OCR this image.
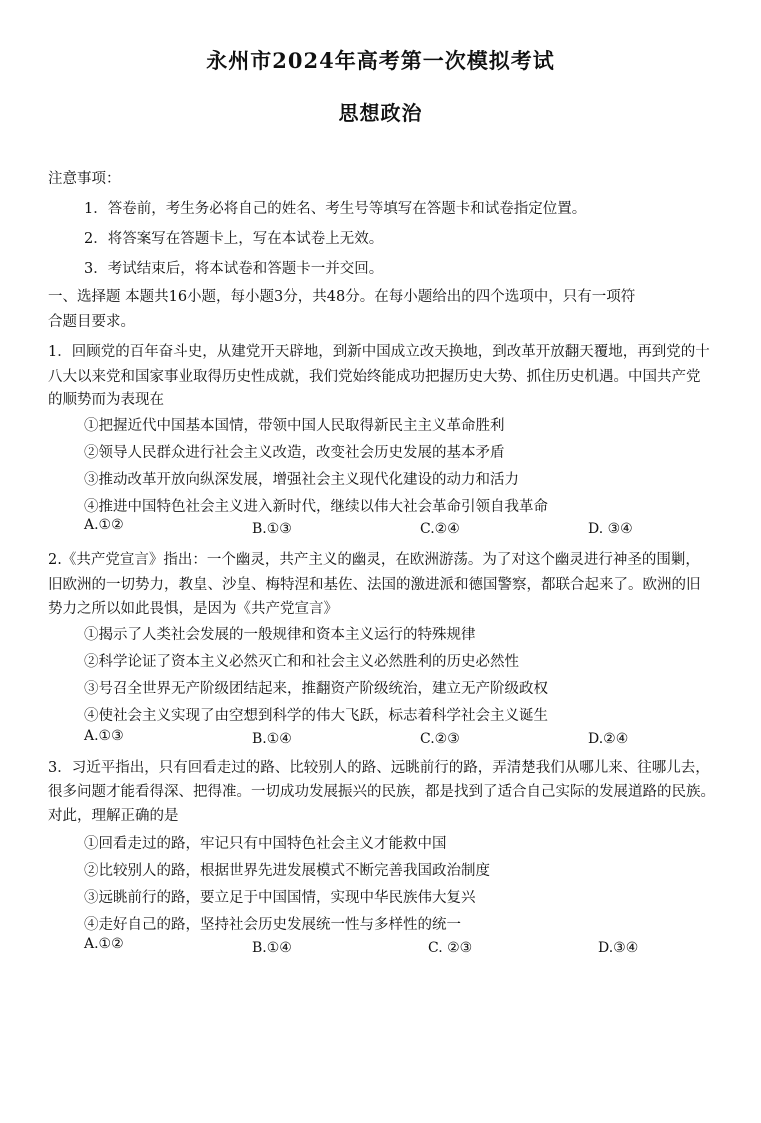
永州市2024年高考第一次模拟考试
思想政治
注意事项：
1．答卷前，考生务必将自己的姓名、考生号等填写在答题卡和试卷指定位置。
2．将答案写在答题卡上，写在本试卷上无效。
3．考试结束后，将本试卷和答题卡一并交回。
一、选择题 本题共16小题，每小题3分，共48分。在每小题给出的四个选项中，只有一项符
合题目要求。
1．回顾党的百年奋斗史，从建党开天辟地，到新中国成立改天换地，到改革开放翻天覆地，再到党的十
八大以来党和国家事业取得历史性成就，我们党始终能成功把握历史大势、抓住历史机遇。中国共产党
的顺势而为表现在
①把握近代中国基本国情，带领中国人民取得新民主主义革命胜利
②领导人民群众进行社会主义改造，改变社会历史发展的基本矛盾
③推动改革开放向纵深发展，增强社会主义现代化建设的动力和活力
④推进中国特色社会主义进入新时代，继续以伟大社会革命引领自我革命
A.①②	B.①③	C.②④	D. ③④
2.《共产党宣言》指出：一个幽灵，共产主义的幽灵，在欧洲游荡。为了对这个幽灵进行神圣的围剿，
旧欧洲的一切势力，教皇、沙皇、梅特涅和基佐、法国的激进派和德国警察，都联合起来了。欧洲的旧
势力之所以如此畏惧，是因为《共产党宣言》
①揭示了人类社会发展的一般规律和资本主义运行的特殊规律
②科学论证了资本主义必然灭亡和和社会主义必然胜利的历史必然性
③号召全世界无产阶级团结起来，推翻资产阶级统治，建立无产阶级政权
④使社会主义实现了由空想到科学的伟大飞跃，标志着科学社会主义诞生
A.①③	B.①④	C.②③	D.②④
3．习近平指出，只有回看走过的路、比较别人的路、远眺前行的路，弄清楚我们从哪儿来、往哪儿去，
很多问题才能看得深、把得准。一切成功发展振兴的民族，都是找到了适合自己实际的发展道路的民族。
对此，理解正确的是
①回看走过的路，牢记只有中国特色社会主义才能救中国
②比较别人的路，根据世界先进发展模式不断完善我国政治制度
③远眺前行的路，要立足于中国国情，实现中华民族伟大复兴
④走好自己的路，坚持社会历史发展统一性与多样性的统一
A.①②	B.①④	C. ②③	D.③④
